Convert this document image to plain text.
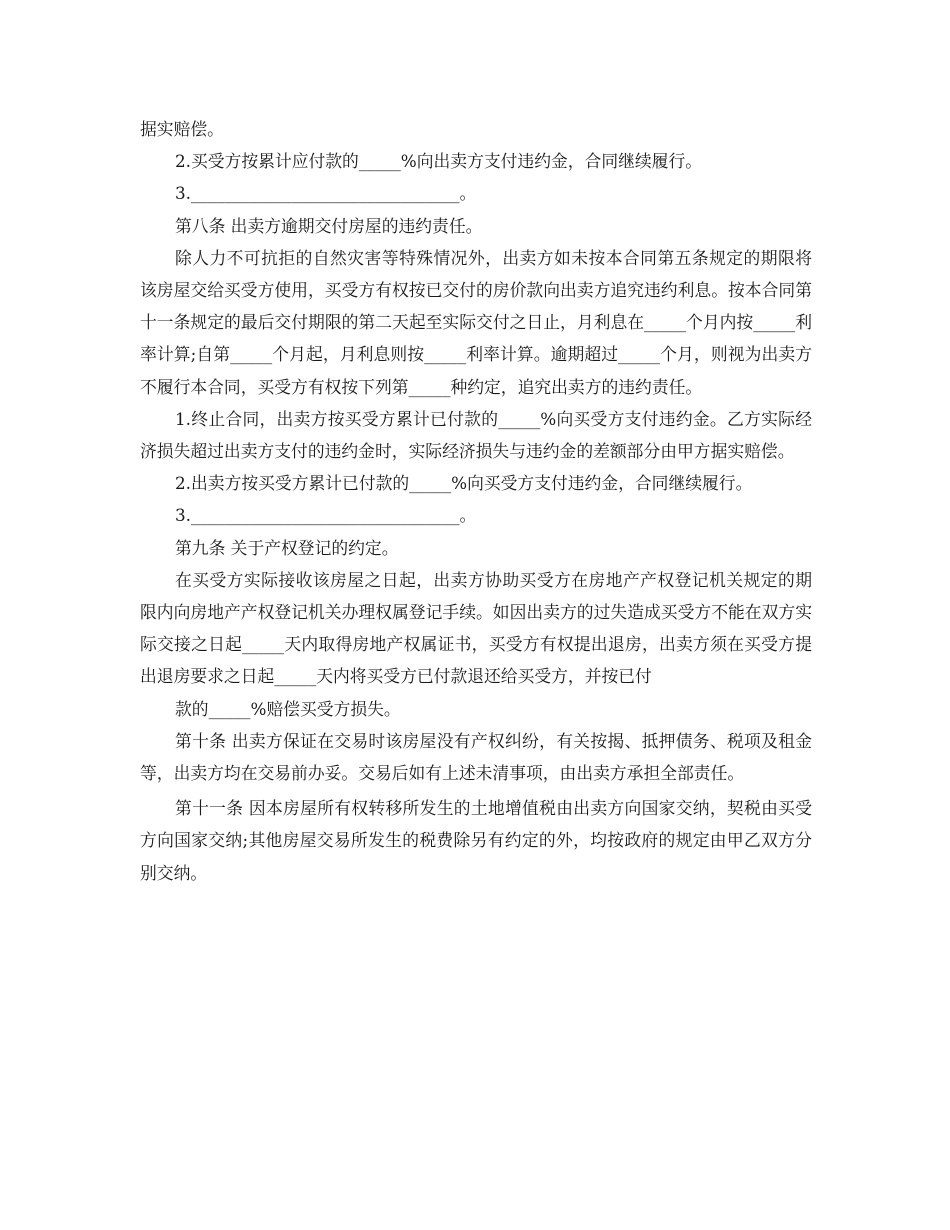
据实赔偿。

2.买受方按累计应付款的_____%向出卖方支付违约金，合同继续履行。

3.________________________________。

第八条 出卖方逾期交付房屋的违约责任。

除人力不可抗拒的自然灾害等特殊情况外，出卖方如未按本合同第五条规定的期限将该房屋交给买受方使用，买受方有权按已交付的房价款向出卖方追究违约利息。按本合同第十一条规定的最后交付期限的第二天起至实际交付之日止，月利息在_____个月内按_____利率计算;自第_____个月起，月利息则按_____利率计算。逾期超过_____个月，则视为出卖方不履行本合同，买受方有权按下列第_____种约定，追究出卖方的违约责任。

1.终止合同，出卖方按买受方累计已付款的_____%向买受方支付违约金。乙方实际经济损失超过出卖方支付的违约金时，实际经济损失与违约金的差额部分由甲方据实赔偿。

2.出卖方按买受方累计已付款的_____%向买受方支付违约金，合同继续履行。

3.________________________________。

第九条 关于产权登记的约定。

在买受方实际接收该房屋之日起，出卖方协助买受方在房地产产权登记机关规定的期限内向房地产产权登记机关办理权属登记手续。如因出卖方的过失造成买受方不能在双方实际交接之日起_____天内取得房地产权属证书，买受方有权提出退房，出卖方须在买受方提出退房要求之日起_____天内将买受方已付款退还给买受方，并按已付

款的_____%赔偿买受方损失。

第十条 出卖方保证在交易时该房屋没有产权纠纷，有关按揭、抵押债务、税项及租金等，出卖方均在交易前办妥。交易后如有上述未清事项，由出卖方承担全部责任。

第十一条 因本房屋所有权转移所发生的土地增值税由出卖方向国家交纳，契税由买受方向国家交纳;其他房屋交易所发生的税费除另有约定的外，均按政府的规定由甲乙双方分别交纳。
